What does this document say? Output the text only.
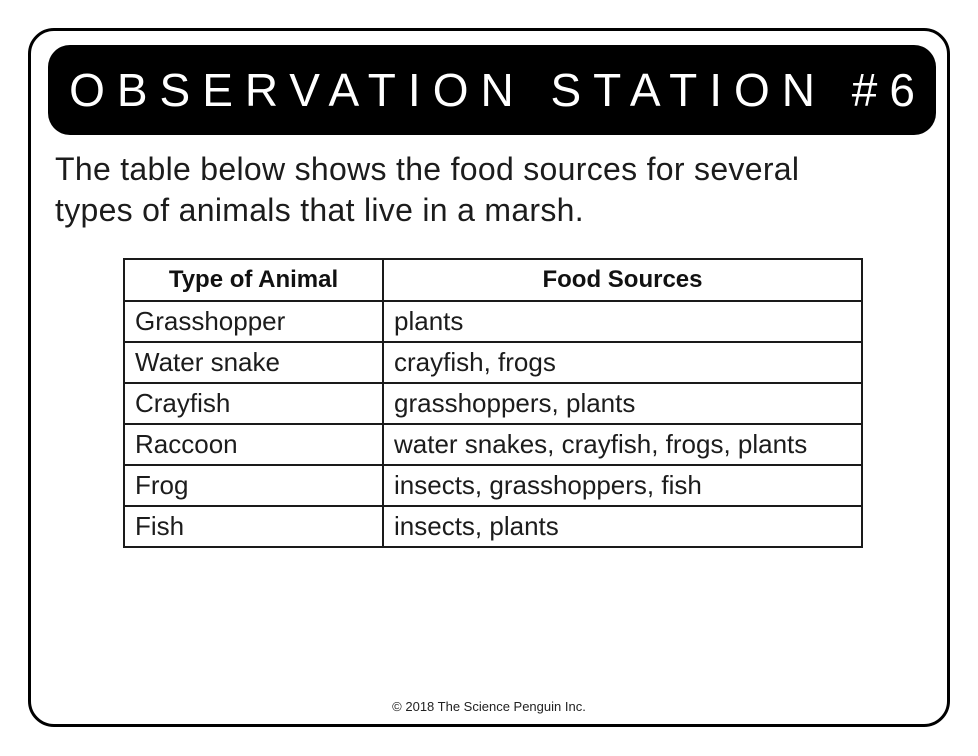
OBSERVATION STATION #6

The table below shows the food sources for several
types of animals that live in a marsh.

Type of Animal	Food Sources
Grasshopper	plants
Water snake	crayfish, frogs
Crayfish	grasshoppers, plants
Raccoon	water snakes, crayfish, frogs, plants
Frog	insects, grasshoppers, fish
Fish	insects, plants
© 2018 The Science Penguin Inc.
